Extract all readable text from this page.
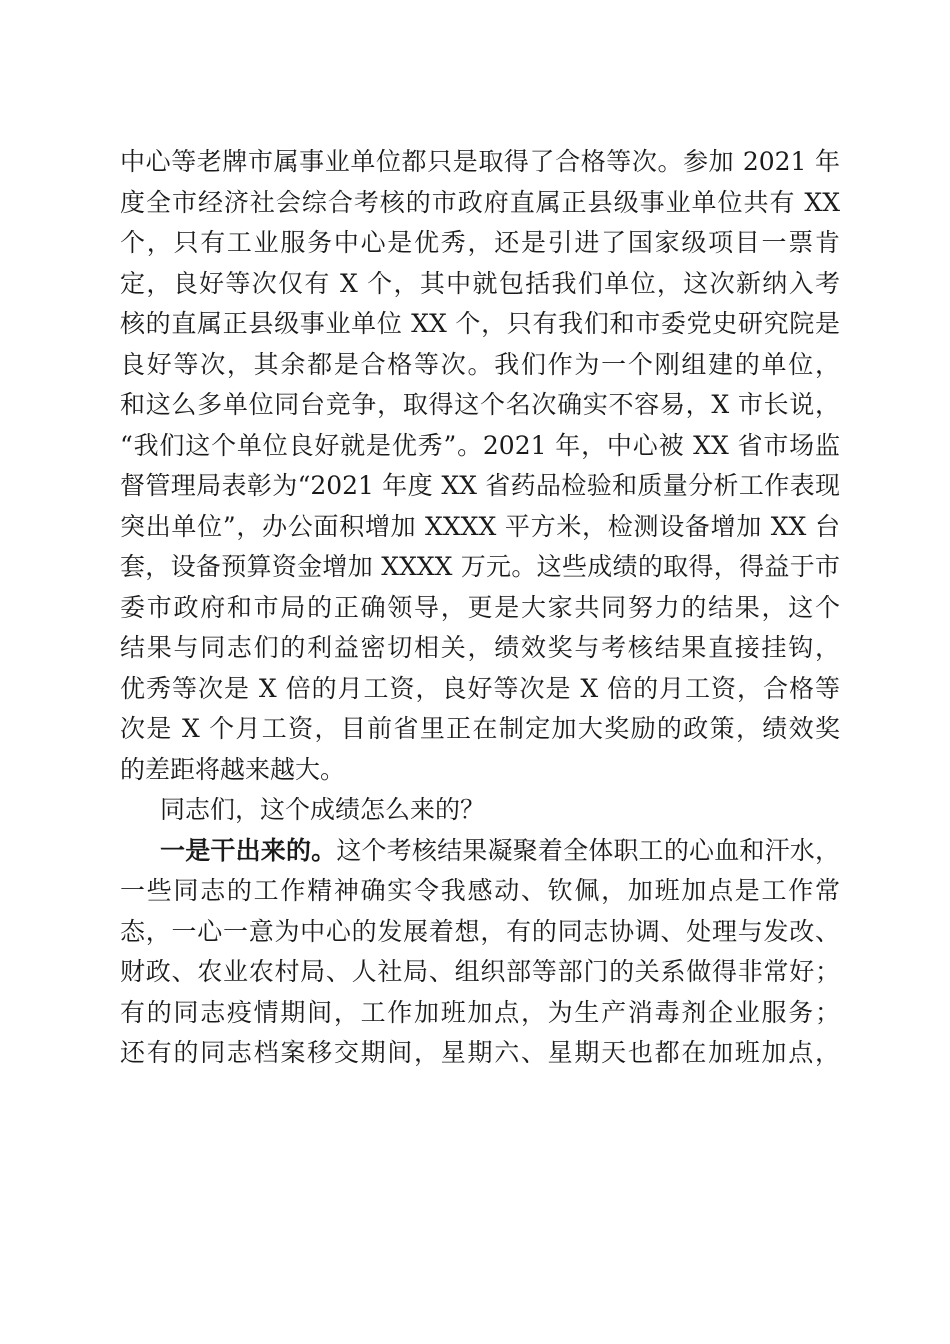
中心等老牌市属事业单位都只是取得了合格等次。参加 2021 年
度全市经济社会综合考核的市政府直属正县级事业单位共有 XX
个，只有工业服务中心是优秀，还是引进了国家级项目一票肯
定，良好等次仅有 X 个，其中就包括我们单位，这次新纳入考
核的直属正县级事业单位 XX 个，只有我们和市委党史研究院是
良好等次，其余都是合格等次。我们作为一个刚组建的单位，
和这么多单位同台竞争，取得这个名次确实不容易，X 市长说，
“我们这个单位良好就是优秀”。2021 年，中心被 XX 省市场监
督管理局表彰为“2021 年度 XX 省药品检验和质量分析工作表现
突出单位”，办公面积增加 XXXX 平方米，检测设备增加 XX 台
套，设备预算资金增加 XXXX 万元。这些成绩的取得，得益于市
委市政府和市局的正确领导，更是大家共同努力的结果，这个
结果与同志们的利益密切相关，绩效奖与考核结果直接挂钩，
优秀等次是 X 倍的月工资，良好等次是 X 倍的月工资，合格等
次是 X 个月工资，目前省里正在制定加大奖励的政策，绩效奖
的差距将越来越大。
同志们，这个成绩怎么来的？
一是干出来的。这个考核结果凝聚着全体职工的心血和汗水，
一些同志的工作精神确实令我感动、钦佩，加班加点是工作常
态，一心一意为中心的发展着想，有的同志协调、处理与发改、
财政、农业农村局、人社局、组织部等部门的关系做得非常好；
有的同志疫情期间，工作加班加点，为生产消毒剂企业服务；
还有的同志档案移交期间，星期六、星期天也都在加班加点，
